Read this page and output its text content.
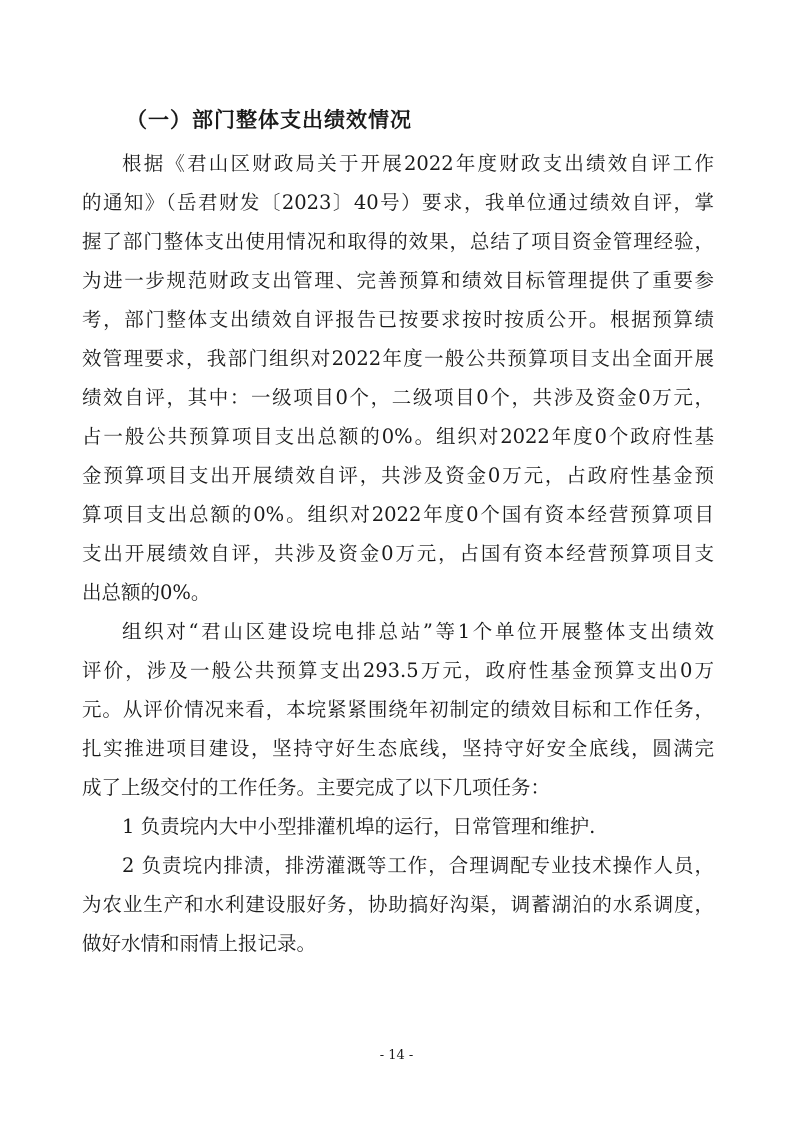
（一）部门整体支出绩效情况
根据《君山区财政局关于开展2022年度财政支出绩效自评工作
的通知》（岳君财发〔2023〕40号）要求，我单位通过绩效自评，掌
握了部门整体支出使用情况和取得的效果，总结了项目资金管理经验，
为进一步规范财政支出管理、完善预算和绩效目标管理提供了重要参
考，部门整体支出绩效自评报告已按要求按时按质公开。根据预算绩
效管理要求，我部门组织对2022年度一般公共预算项目支出全面开展
绩效自评，其中：一级项目0个，二级项目0个，共涉及资金0万元，
占一般公共预算项目支出总额的0%。组织对2022年度0个政府性基
金预算项目支出开展绩效自评，共涉及资金0万元，占政府性基金预
算项目支出总额的0%。组织对2022年度0个国有资本经营预算项目
支出开展绩效自评，共涉及资金0万元，占国有资本经营预算项目支
出总额的0%。
组织对“君山区建设垸电排总站”等1个单位开展整体支出绩效
评价，涉及一般公共预算支出293.5万元，政府性基金预算支出0万
元。从评价情况来看，本垸紧紧围绕年初制定的绩效目标和工作任务，
扎实推进项目建设，坚持守好生态底线，坚持守好安全底线，圆满完
成了上级交付的工作任务。主要完成了以下几项任务：
1 负责垸内大中小型排灌机埠的运行，日常管理和维护.
2 负责垸内排渍，排涝灌溉等工作，合理调配专业技术操作人员，
为农业生产和水利建设服好务，协助搞好沟渠，调蓄湖泊的水系调度，
做好水情和雨情上报记录。
- 14 -
